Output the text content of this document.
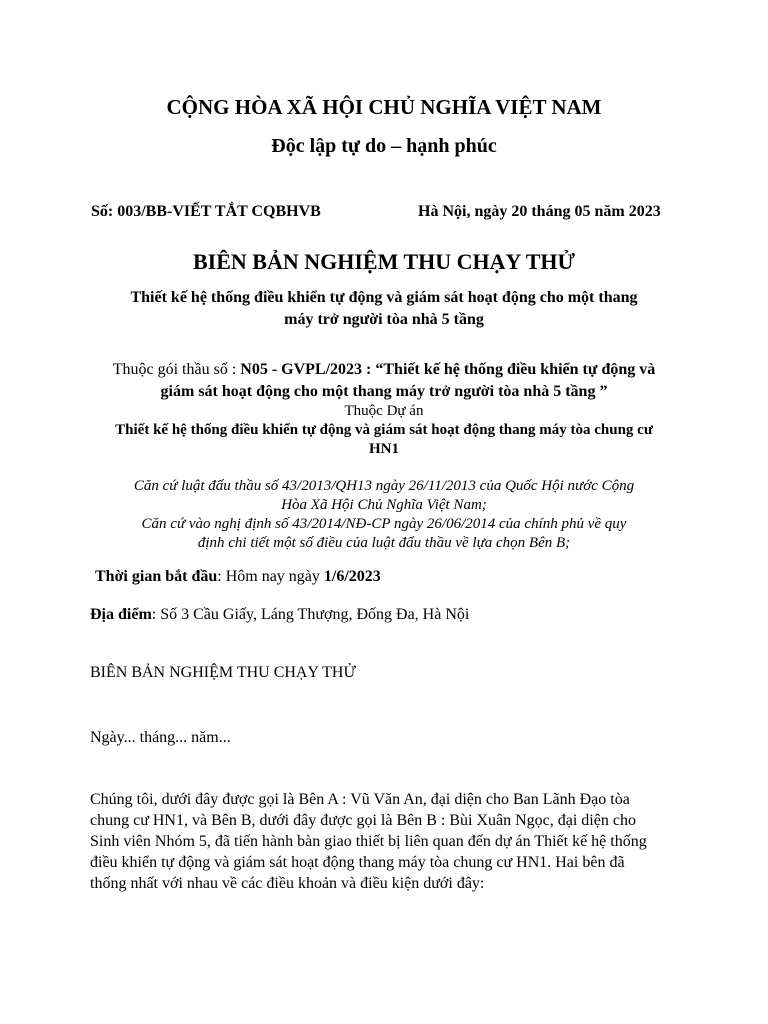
CỘNG HÒA XÃ HỘI CHỦ NGHĨA VIỆT NAM
Độc lập tự do – hạnh phúc
Số: 003/BB-VIẾT TẮT CQBHVB	Hà Nội, ngày 20 tháng 05 năm 2023
BIÊN BẢN NGHIỆM THU CHẠY THỬ
Thiết kế hệ thống điều khiển tự động và giám sát hoạt động cho một thang
máy trở người tòa nhà 5 tầng
Thuộc gói thầu số : N05 - GVPL/2023 : “Thiết kế hệ thống điều khiển tự động và
giám sát hoạt động cho một thang máy trở người tòa nhà 5 tầng ”
Thuộc Dự án
Thiết kế hệ thống điều khiển tự động và giám sát hoạt động thang máy tòa chung cư
HN1
Căn cứ luật đấu thầu số 43/2013/QH13 ngày 26/11/2013 của Quốc Hội nước Cộng
Hòa Xã Hội Chủ Nghĩa Việt Nam;
Căn cứ vào nghị định số 43/2014/NĐ-CP ngày 26/06/2014 của chính phủ về quy
định chi tiết một số điều của luật đấu thầu về lựa chọn Bên B;
Thời gian bắt đầu: Hôm nay ngày 1/6/2023
Địa điểm: Số 3 Cầu Giấy, Láng Thượng, Đống Đa, Hà Nội
BIÊN BẢN NGHIỆM THU CHẠY THỬ
Ngày... tháng... năm...
Chúng tôi, dưới đây được gọi là Bên A : Vũ Văn An, đại diện cho Ban Lãnh Đạo tòa
chung cư HN1, và Bên B, dưới đây được gọi là Bên B : Bùi Xuân Ngọc, đại diện cho
Sinh viên Nhóm 5, đã tiến hành bàn giao thiết bị liên quan đến dự án Thiết kế hệ thống
điều khiển tự động và giám sát hoạt động thang máy tòa chung cư HN1. Hai bên đã
thống nhất với nhau về các điều khoản và điều kiện dưới đây:
